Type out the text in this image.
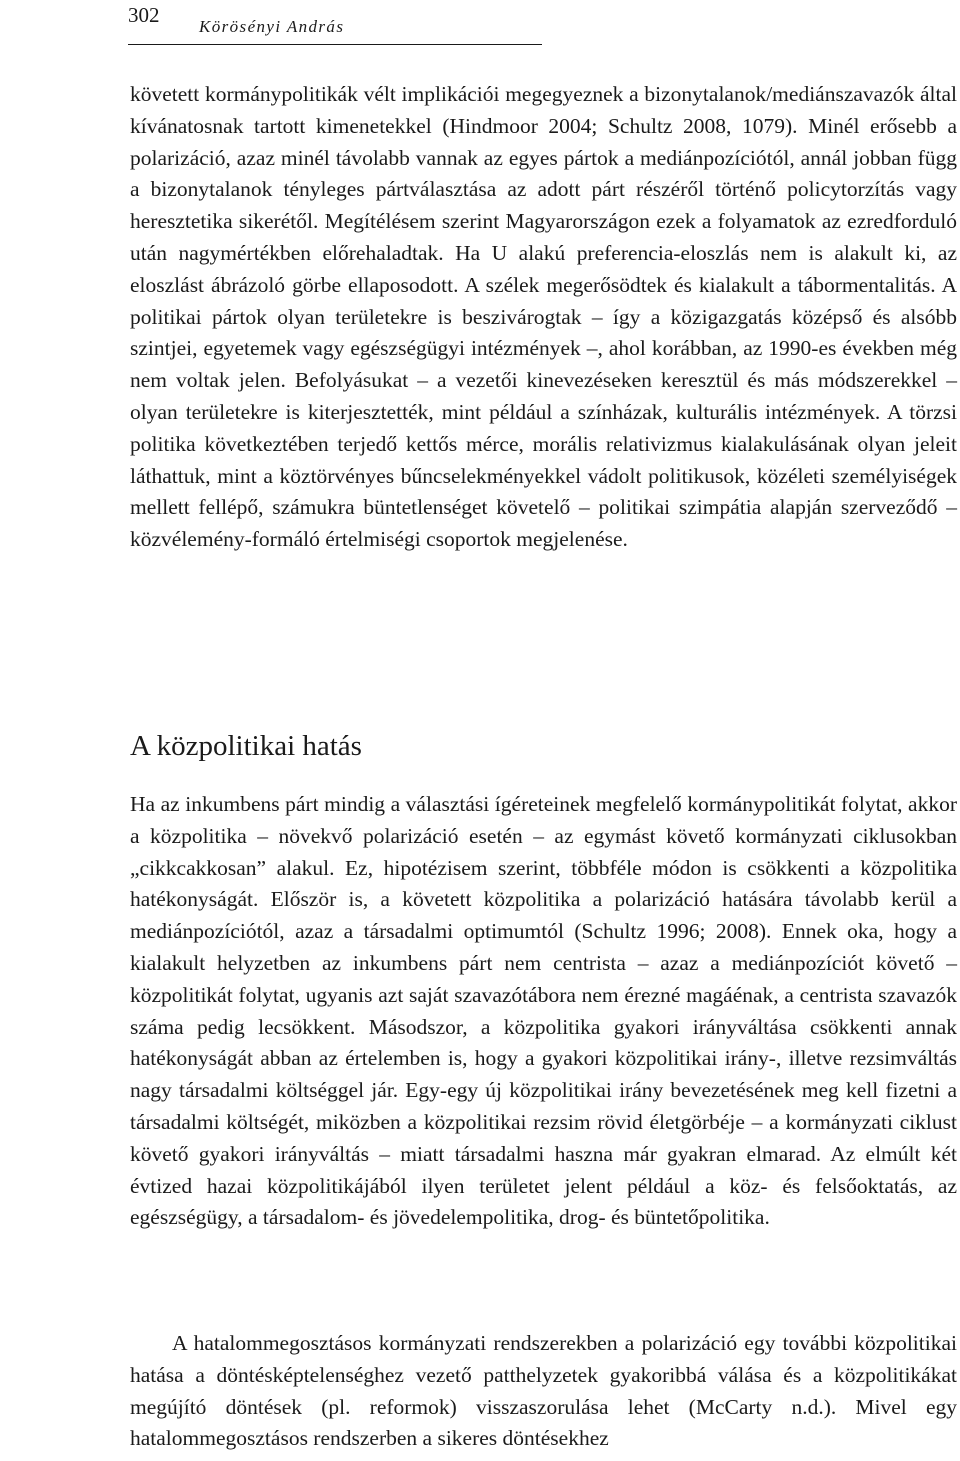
302 Körösényi András

követett kormánypolitikák vélt implikációi megegyeznek a bizonytalanok/mediánszavazók által kívánatosnak tartott kimenetekkel (Hindmoor 2004; Schultz 2008, 1079). Minél erősebb a polarizáció, azaz minél távolabb vannak az egyes pártok a mediánpozíciótól, annál jobban függ a bizonytalanok tényleges pártválasztása az adott párt részéről történő policytorzítás vagy heresztetika sikerétől. Megítélésem szerint Magyarországon ezek a folyamatok az ezredforduló után nagymértékben előrehaladtak. Ha U alakú preferencia-eloszlás nem is alakult ki, az eloszlást ábrázoló görbe ellaposodott. A szélek megerősödtek és kialakult a tábormentalitás. A politikai pártok olyan területekre is beszivárogtak – így a közigazgatás középső és alsóbb szintjei, egyetemek vagy egészségügyi intézmények –, ahol korábban, az 1990-es években még nem voltak jelen. Befolyásukat – a vezetői kinevezéseken keresztül és más módszerekkel – olyan területekre is kiterjesztették, mint például a színházak, kulturális intézmények. A törzsi politika következtében terjedő kettős mérce, morális relativizmus kialakulásának olyan jeleit láthattuk, mint a köztörvényes bűncselekményekkel vádolt politikusok, közéleti személyiségek mellett fellépő, számukra büntetlenséget követelő – politikai szimpátia alapján szerveződő – közvélemény-formáló értelmiségi csoportok megjelenése.

A közpolitikai hatás

Ha az inkumbens párt mindig a választási ígéreteinek megfelelő kormánypolitikát folytat, akkor a közpolitika – növekvő polarizáció esetén – az egymást követő kormányzati ciklusokban „cikkcakkosan” alakul. Ez, hipotézisem szerint, többféle módon is csökkenti a közpolitika hatékonyságát. Először is, a követett közpolitika a polarizáció hatására távolabb kerül a mediánpozíciótól, azaz a társadalmi optimumtól (Schultz 1996; 2008). Ennek oka, hogy a kialakult helyzetben az inkumbens párt nem centrista – azaz a mediánpozíciót követő – közpolitikát folytat, ugyanis azt saját szavazótábora nem érezné magáénak, a centrista szavazók száma pedig lecsökkent. Másodszor, a közpolitika gyakori irányváltása csökkenti annak hatékonyságát abban az értelemben is, hogy a gyakori közpolitikai irány-, illetve rezsimváltás nagy társadalmi költséggel jár. Egy-egy új közpolitikai irány bevezetésének meg kell fizetni a társadalmi költségét, miközben a közpolitikai rezsim rövid életgörbéje – a kormányzati ciklust követő gyakori irányváltás – miatt társadalmi haszna már gyakran elmarad. Az elmúlt két évtized hazai közpolitikájából ilyen területet jelent például a köz- és felsőoktatás, az egészségügy, a társadalom- és jövedelempolitika, drog- és büntetőpolitika.

A hatalommegosztásos kormányzati rendszerekben a polarizáció egy további közpolitikai hatása a döntésképtelenséghez vezető patthelyzetek gyakoribbá válása és a közpolitikákat megújító döntések (pl. reformok) visszaszorulása lehet (McCarty n.d.). Mivel egy hatalommegosztásos rendszerben a sikeres döntésekhez
